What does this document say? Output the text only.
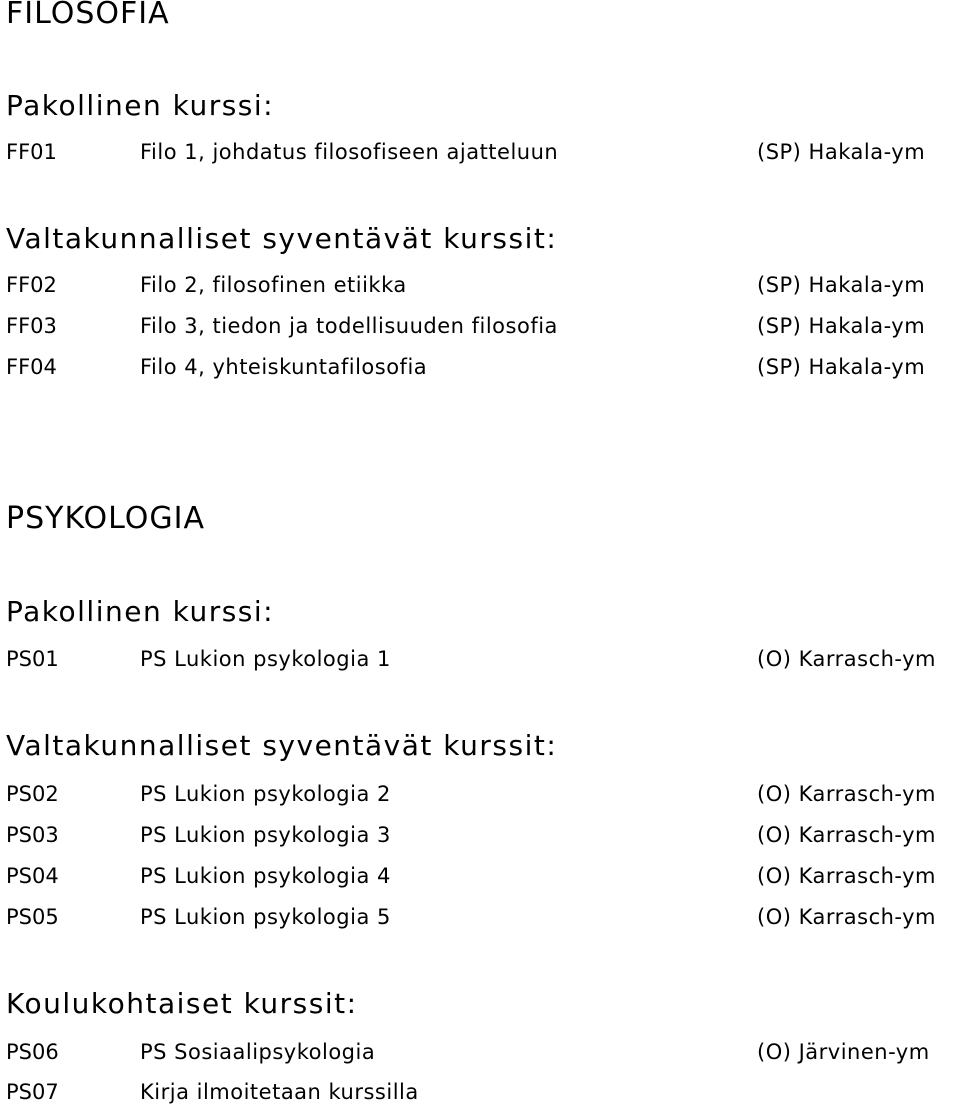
FILOSOFIA
Pakollinen kurssi:
FF01	Filo 1, johdatus filosofiseen ajatteluun	(SP) Hakala-ym
Valtakunnalliset syventävät kurssit:
FF02	Filo 2, filosofinen etiikka	(SP) Hakala-ym
FF03	Filo 3, tiedon ja todellisuuden filosofia	(SP) Hakala-ym
FF04	Filo 4, yhteiskuntafilosofia	(SP) Hakala-ym
PSYKOLOGIA
Pakollinen kurssi:
PS01	PS Lukion psykologia 1	(O) Karrasch-ym
Valtakunnalliset syventävät kurssit:
PS02	PS Lukion psykologia 2	(O) Karrasch-ym
PS03	PS Lukion psykologia 3	(O) Karrasch-ym
PS04	PS Lukion psykologia 4	(O) Karrasch-ym
PS05	PS Lukion psykologia 5	(O) Karrasch-ym
Koulukohtaiset kurssit:
PS06	PS Sosiaalipsykologia	(O) Järvinen-ym
PS07	Kirja ilmoitetaan kurssilla
